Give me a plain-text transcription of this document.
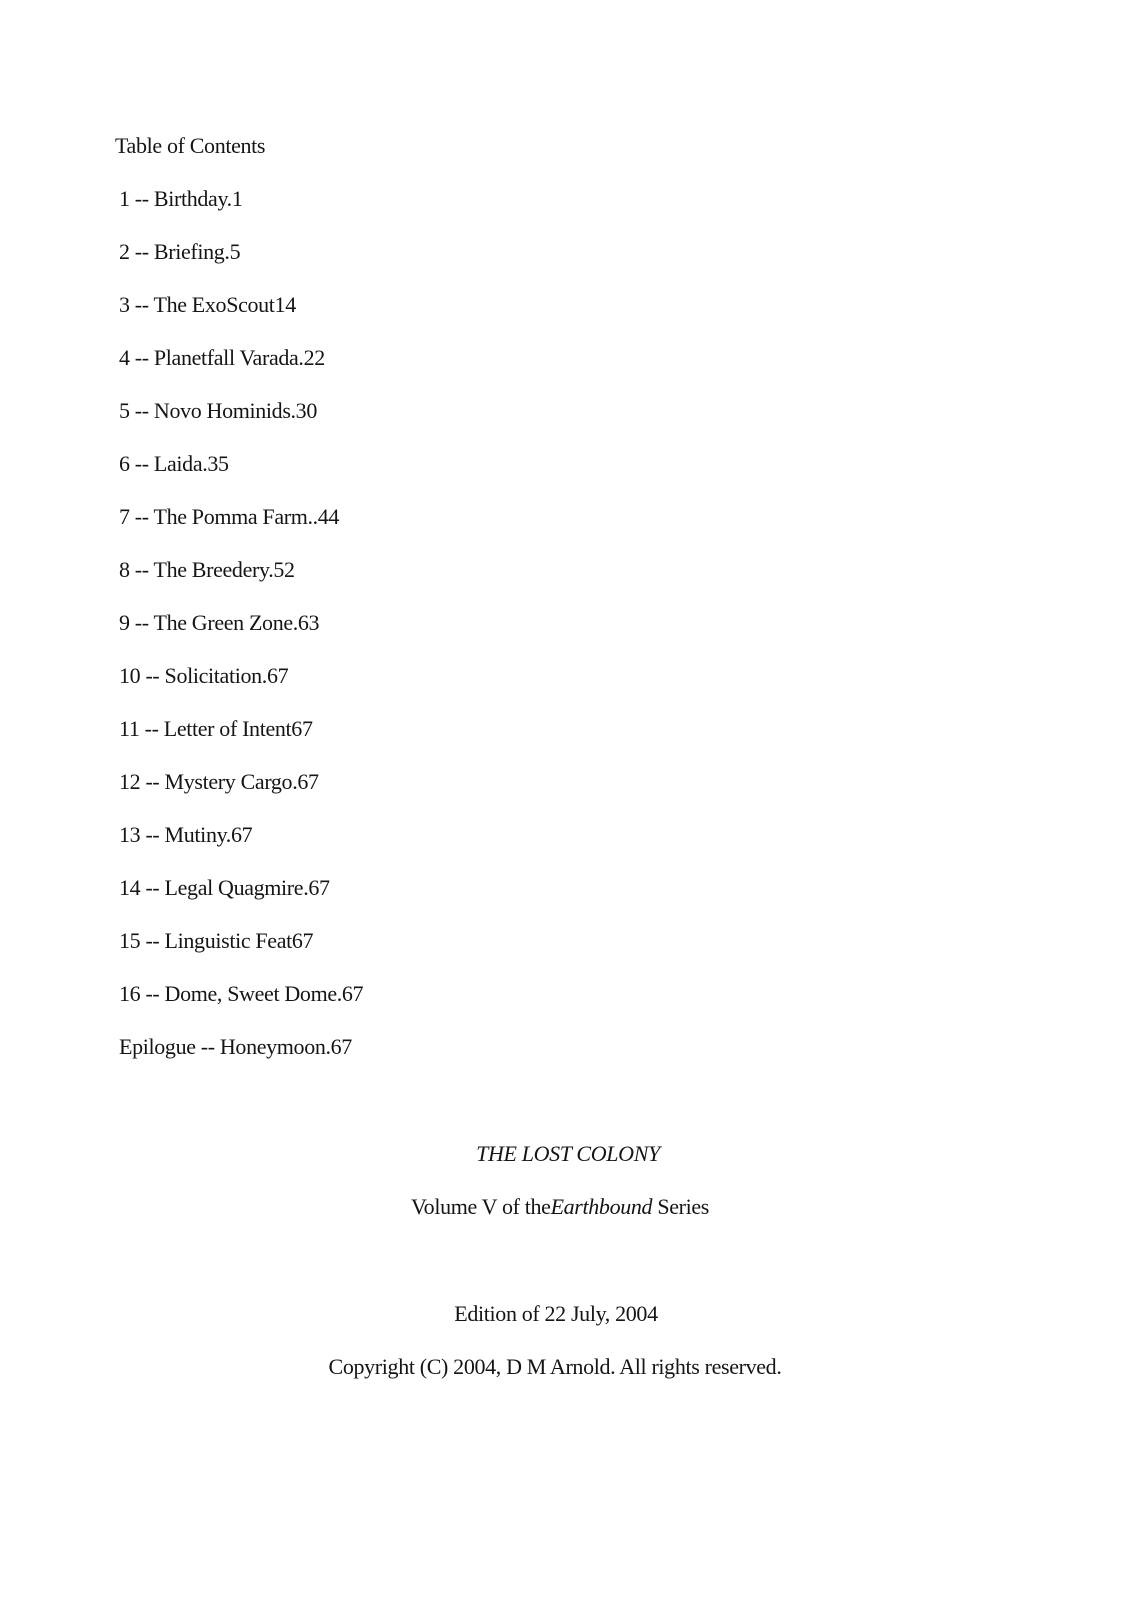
Table of Contents
1 -- Birthday.1
2 -- Briefing.5
3 -- The ExoScout14
4 -- Planetfall Varada.22
5 -- Novo Hominids.30
6 -- Laida.35
7 -- The Pomma Farm..44
8 -- The Breedery.52
9 -- The Green Zone.63
10 -- Solicitation.67
11 -- Letter of Intent67
12 -- Mystery Cargo.67
13 -- Mutiny.67
14 -- Legal Quagmire.67
15 -- Linguistic Feat67
16 -- Dome, Sweet Dome.67
Epilogue -- Honeymoon.67
THE LOST COLONY
Volume V of theEarthbound Series
Edition of 22 July, 2004
Copyright (C) 2004, D M Arnold. All rights reserved.
